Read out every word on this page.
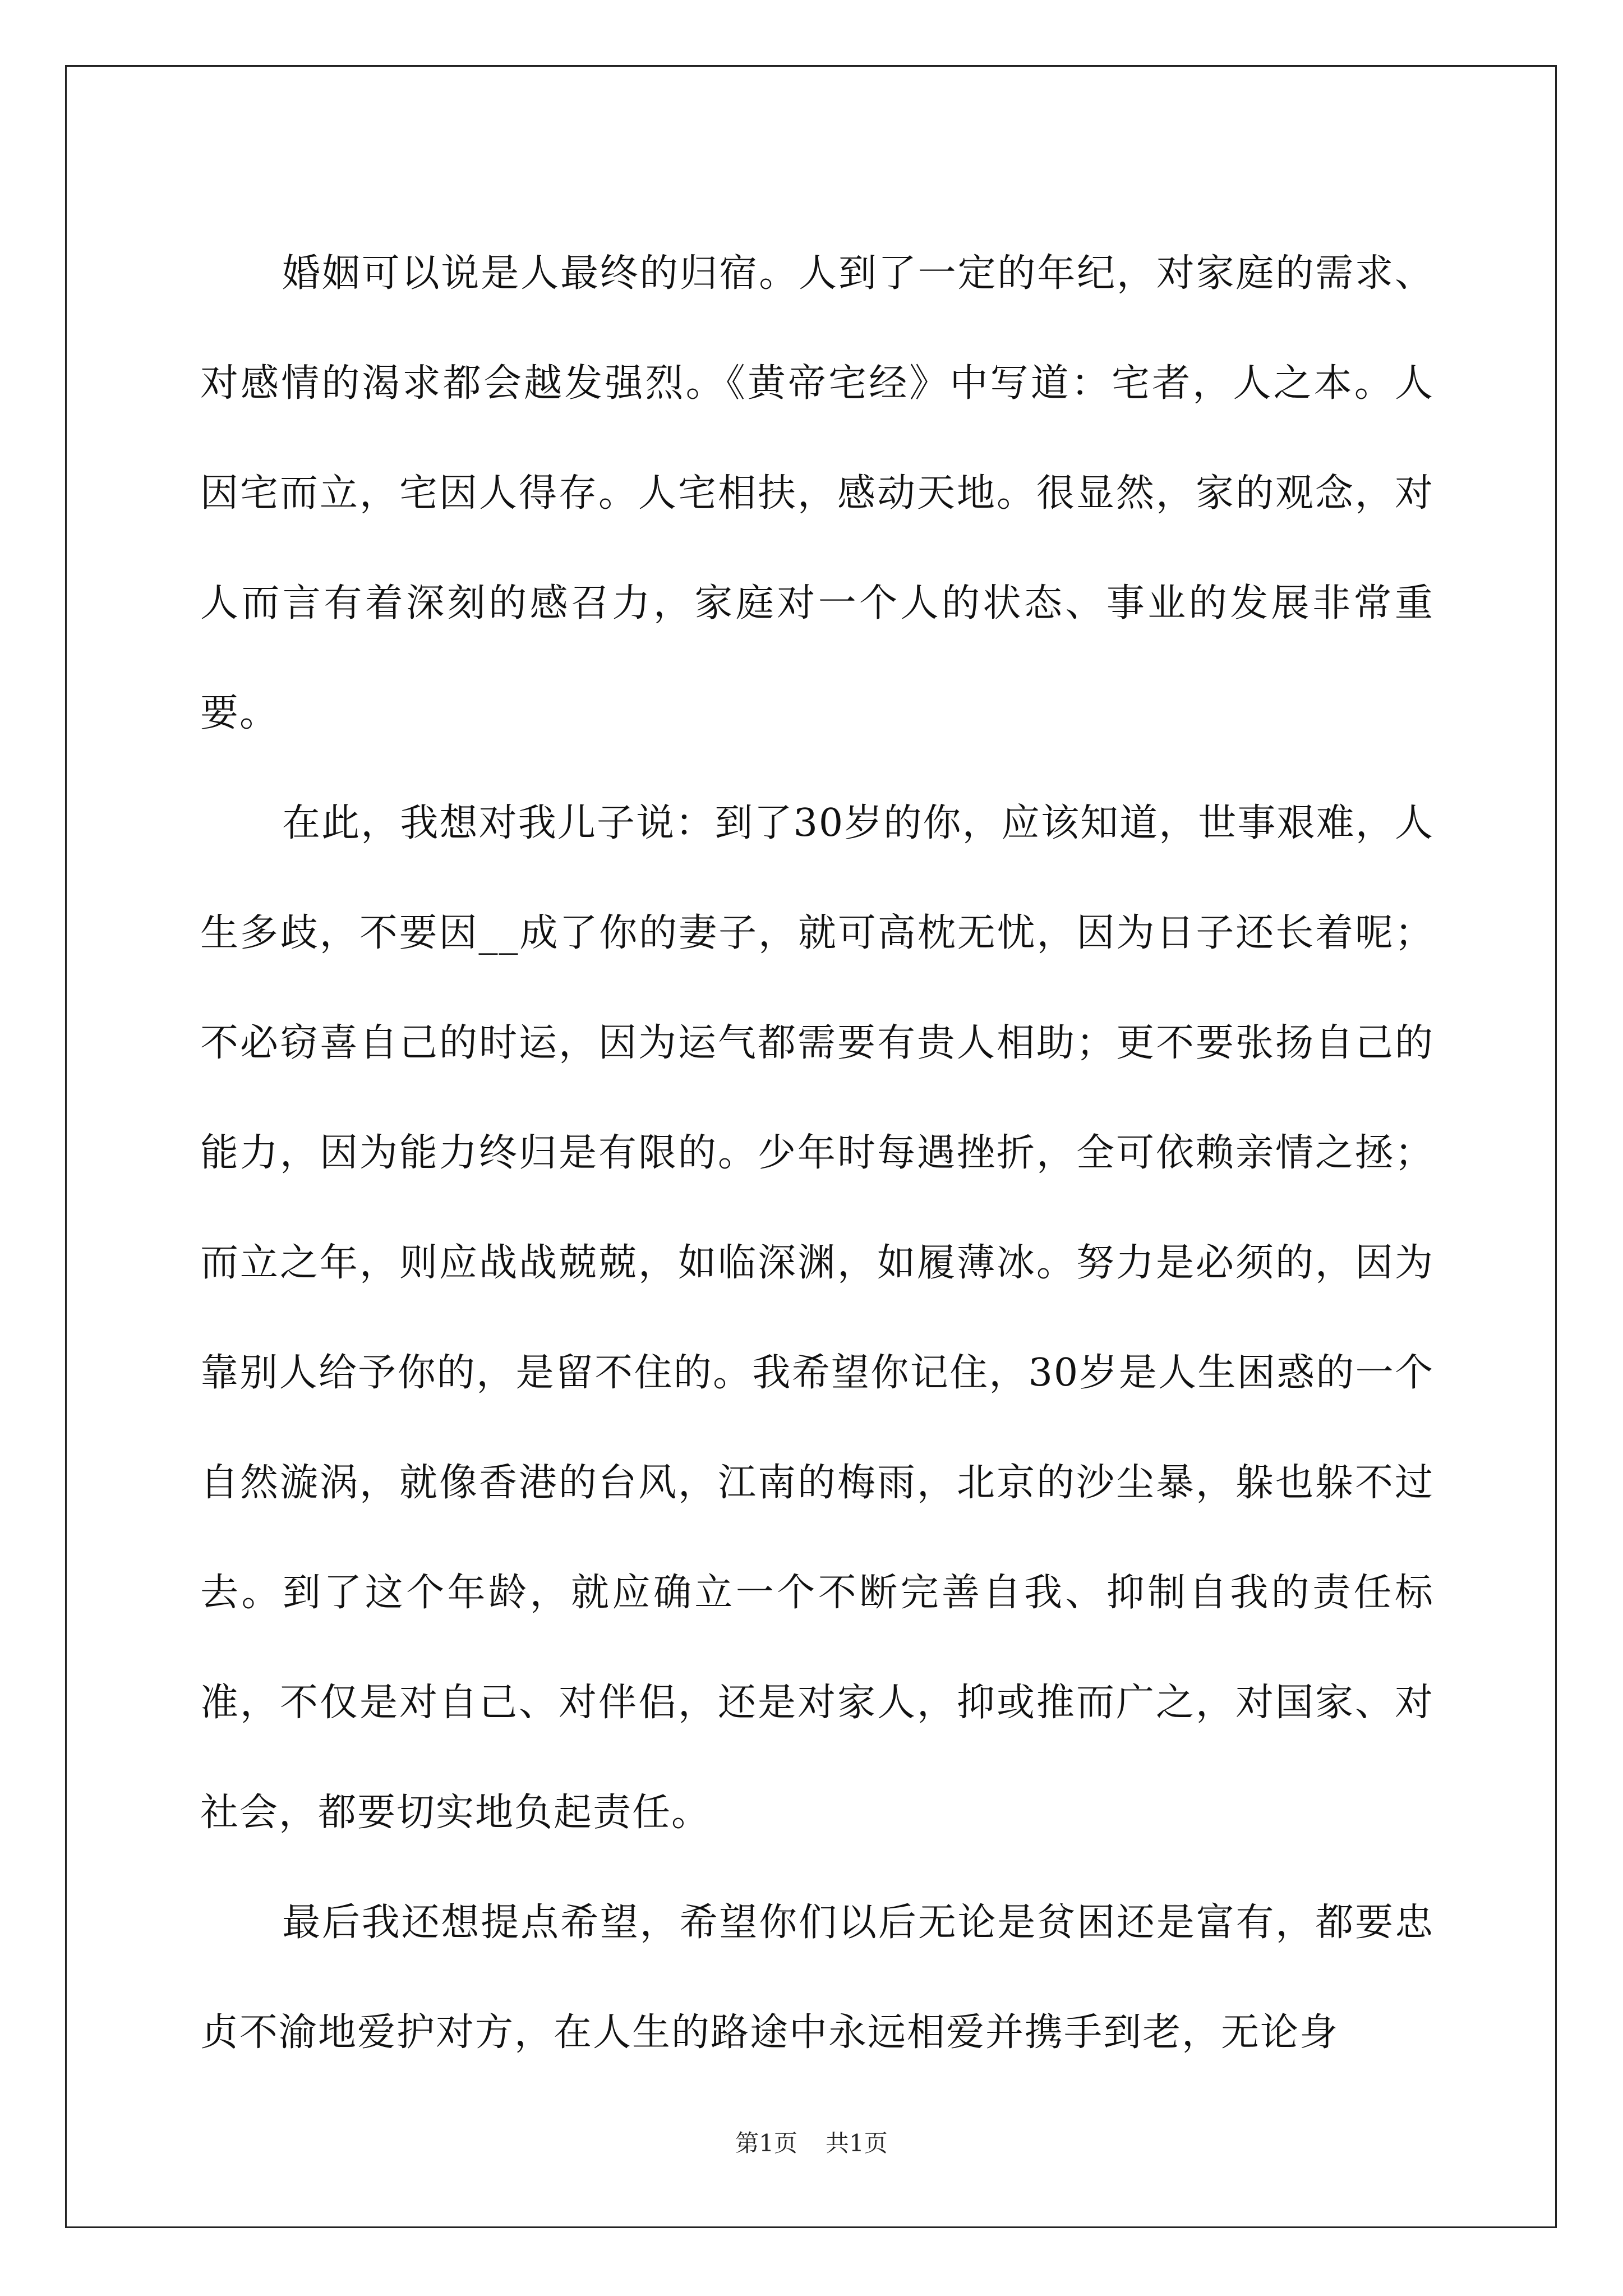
婚姻可以说是人最终的归宿。人到了一定的年纪，对家庭的需求、对感情的渴求都会越发强烈。《黄帝宅经》中写道：宅者，人之本。人因宅而立，宅因人得存。人宅相扶，感动天地。很显然，家的观念，对人而言有着深刻的感召力，家庭对一个人的状态、事业的发展非常重要。

在此，我想对我儿子说：到了30岁的你，应该知道，世事艰难，人生多歧，不要因__成了你的妻子，就可高枕无忧，因为日子还长着呢；不必窃喜自己的时运，因为运气都需要有贵人相助；更不要张扬自己的能力，因为能力终归是有限的。少年时每遇挫折，全可依赖亲情之拯；而立之年，则应战战兢兢，如临深渊，如履薄冰。努力是必须的，因为靠别人给予你的，是留不住的。我希望你记住，30岁是人生困惑的一个自然漩涡，就像香港的台风，江南的梅雨，北京的沙尘暴，躲也躲不过去。到了这个年龄，就应确立一个不断完善自我、抑制自我的责任标准，不仅是对自己、对伴侣，还是对家人，抑或推而广之，对国家、对社会，都要切实地负起责任。

最后我还想提点希望，希望你们以后无论是贫困还是富有，都要忠贞不渝地爱护对方，在人生的路途中永远相爱并携手到老，无论身

第1页 共1页
